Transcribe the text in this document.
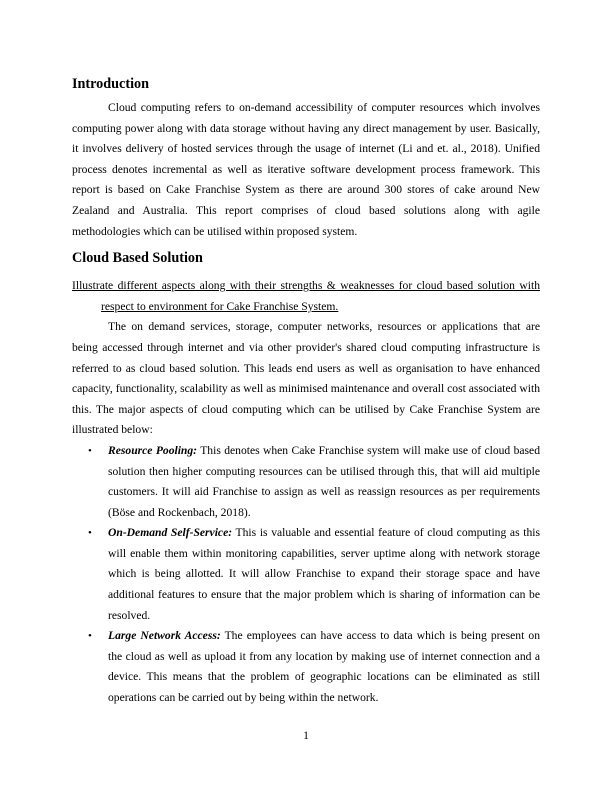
Introduction

Cloud computing refers to on-demand accessibility of computer resources which involves computing power along with data storage without having any direct management by user. Basically, it involves delivery of hosted services through the usage of internet (Li and et. al., 2018). Unified process denotes incremental as well as iterative software development process framework. This report is based on Cake Franchise System as there are around 300 stores of cake around New Zealand and Australia. This report comprises of cloud based solutions along with agile methodologies which can be utilised within proposed system.

Cloud Based Solution

Illustrate different aspects along with their strengths & weaknesses for cloud based solution with respect to environment for Cake Franchise System.

The on demand services, storage, computer networks, resources or applications that are being accessed through internet and via other provider's shared cloud computing infrastructure is referred to as cloud based solution. This leads end users as well as organisation to have enhanced capacity, functionality, scalability as well as minimised maintenance and overall cost associated with this. The major aspects of cloud computing which can be utilised by Cake Franchise System are illustrated below:

• Resource Pooling: This denotes when Cake Franchise system will make use of cloud based solution then higher computing resources can be utilised through this, that will aid multiple customers. It will aid Franchise to assign as well as reassign resources as per requirements (Böse and Rockenbach, 2018).
• On-Demand Self-Service: This is valuable and essential feature of cloud computing as this will enable them within monitoring capabilities, server uptime along with network storage which is being allotted. It will allow Franchise to expand their storage space and have additional features to ensure that the major problem which is sharing of information can be resolved.
• Large Network Access: The employees can have access to data which is being present on the cloud as well as upload it from any location by making use of internet connection and a device. This means that the problem of geographic locations can be eliminated as still operations can be carried out by being within the network.
1
